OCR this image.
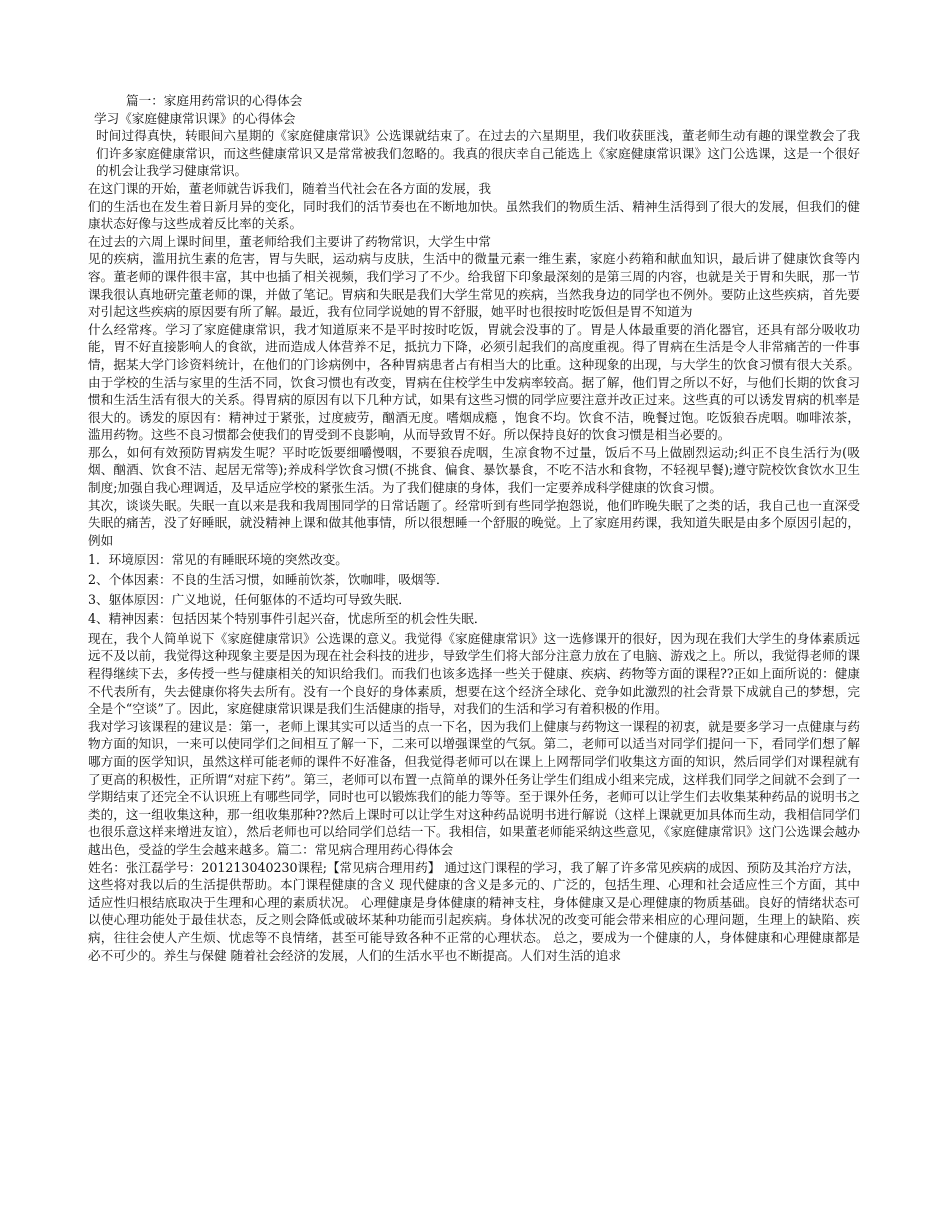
篇一：家庭用药常识的心得体会

学习《家庭健康常识课》的心得体会

时间过得真快，转眼间六星期的《家庭健康常识》公选课就结束了。在过去的六星期里，我们收获匪浅，董老师生动有趣的课堂教会了我们许多家庭健康常识，而这些健康常识又是常常被我们忽略的。我真的很庆幸自己能选上《家庭健康常识课》这门公选课，这是一个很好的机会让我学习健康常识。

在这门课的开始，董老师就告诉我们，随着当代社会在各方面的发展，我

们的生活也在发生着日新月异的变化，同时我们的活节奏也在不断地加快。虽然我们的物质生活、精神生活得到了很大的发展，但我们的健康状态好像与这些成着反比率的关系。

在过去的六周上课时间里，董老师给我们主要讲了药物常识，大学生中常

见的疾病，滥用抗生素的危害，胃与失眠，运动病与皮肤，生活中的微量元素一维生素，家庭小药箱和献血知识，最后讲了健康饮食等内容。董老师的课件很丰富，其中也插了相关视频，我们学习了不少。给我留下印象最深刻的是第三周的内容，也就是关于胃和失眠，那一节课我很认真地研完董老师的课，并做了笔记。胃病和失眠是我们大学生常见的疾病，当然我身边的同学也不例外。要防止这些疾病，首先要对引起这些疾病的原因要有所了解。最近，我有位同学说她的胃不舒服，她平时也很按时吃饭但是胃不知道为

什么经常疼。学习了家庭健康常识，我才知道原来不是平时按时吃饭，胃就会没事的了。胃是人体最重要的消化器官，还具有部分吸收功能，胃不好直接影响人的食欲，进而造成人体营养不足，抵抗力下降，必须引起我们的高度重视。得了胃病在生活是令人非常痛苦的一件事情，据某大学门诊资料统计，在他们的门诊病例中，各种胃病患者占有相当大的比重。这种现象的出现，与大学生的饮食习惯有很大关系。由于学校的生活与家里的生活不同，饮食习惯也有改变，胃病在住校学生中发病率较高。据了解，他们胃之所以不好，与他们长期的饮食习惯和生活生活有很大的关系。得胃病的原因有以下几种方试，如果有这些习惯的同学应要注意并改正过来。这些真的可以诱发胃病的机率是很大的。诱发的原因有：精神过于紧张，过度疲劳，酗酒无度。嗜烟成瘾 ，饱食不均。饮食不洁，晚餐过饱。吃饭狼吞虎咽。咖啡浓茶，滥用药物。这些不良习惯都会使我们的胃受到不良影响，从而导致胃不好。所以保持良好的饮食习惯是相当必要的。

那么，如何有效预防胃病发生呢？平时吃饭要细嚼慢咽，不要狼吞虎咽，生凉食物不过量，饭后不马上做剧烈运动;纠正不良生活行为(吸烟、酗酒、饮食不洁、起居无常等);养成科学饮食习惯(不挑食、偏食、暴饮暴食，不吃不洁水和食物，不轻视早餐);遵守院校饮食饮水卫生制度;加强自我心理调适，及早适应学校的紧张生活。为了我们健康的身体，我们一定要养成科学健康的饮食习惯。

其次，谈谈失眠。失眠一直以来是我和我周围同学的日常话题了。经常听到有些同学抱怨说，他们昨晚失眠了之类的话，我自己也一直深受失眠的痛苦，没了好睡眠，就没精神上课和做其他事情，所以很想睡一个舒服的晚觉。上了家庭用药课，我知道失眠是由多个原因引起的，例如

1．环境原因：常见的有睡眠环境的突然改变。

2、个体因素：不良的生活习惯，如睡前饮茶，饮咖啡，吸烟等．

3、躯体原因：广义地说，任何躯体的不适均可导致失眠．

4、精神因素：包括因某个特别事件引起兴奋，忧虑所至的机会性失眠．

现在，我个人简单说下《家庭健康常识》公选课的意义。我觉得《家庭健康常识》这一选修课开的很好，因为现在我们大学生的身体素质远远不及以前，我觉得这种现象主要是因为现在社会科技的进步，导致学生们将大部分注意力放在了电脑、游戏之上。所以，我觉得老师的课程得继续下去，多传授一些与健康相关的知识给我们。而我们也该多选择一些关于健康、疾病、药物等方面的课程??正如上面所说的：健康不代表所有，失去健康你将失去所有。没有一个良好的身体素质，想要在这个经济全球化、竞争如此激烈的社会背景下成就自己的梦想，完全是个“空谈”了。因此，家庭健康常识课是我们生活健康的指导，对我们的生活和学习有着积极的作用。

我对学习该课程的建议是：第一，老师上课其实可以适当的点一下名，因为我们上健康与药物这一课程的初衷，就是要多学习一点健康与药物方面的知识，一来可以使同学们之间相互了解一下，二来可以增强课堂的气氛。第二，老师可以适当对同学们提问一下，看同学们想了解哪方面的医学知识，虽然这样可能老师的课件不好准备，但我觉得老师可以在课上上网帮同学们收集这方面的知识，然后同学们对课程就有了更高的积极性，正所谓“对症下药”。第三，老师可以布置一点简单的课外任务让学生们组成小组来完成，这样我们同学之间就不会到了一学期结束了还完全不认识班上有哪些同学，同时也可以锻炼我们的能力等等。至于课外任务，老师可以让学生们去收集某种药品的说明书之类的，这一组收集这种，那一组收集那种??然后上课时可以让学生对这种药品说明书进行解说（这样上课就更加具体而生动，我相信同学们也很乐意这样来增进友谊），然后老师也可以给同学们总结一下。我相信，如果董老师能采纳这些意见，《家庭健康常识》这门公选课会越办越出色，受益的学生会越来越多。篇二：常见病合理用药心得体会

姓名：张江磊学号：201213040230课程;【常见病合理用药】 通过这门课程的学习，我了解了许多常见疾病的成因、预防及其治疗方法，这些将对我以后的生活提供帮助。本门课程健康的含义 现代健康的含义是多元的、广泛的，包括生理、心理和社会适应性三个方面，其中适应性归根结底取决于生理和心理的素质状况。 心理健康是身体健康的精神支柱，身体健康又是心理健康的物质基础。良好的情绪状态可以使心理功能处于最佳状态，反之则会降低或破坏某种功能而引起疾病。身体状况的改变可能会带来相应的心理问题，生理上的缺陷、疾病，往往会使人产生烦、忧虑等不良情绪，甚至可能导致各种不正常的心理状态。 总之，要成为一个健康的人，身体健康和心理健康都是必不可少的。养生与保健 随着社会经济的发展，人们的生活水平也不断提高。人们对生活的追求
